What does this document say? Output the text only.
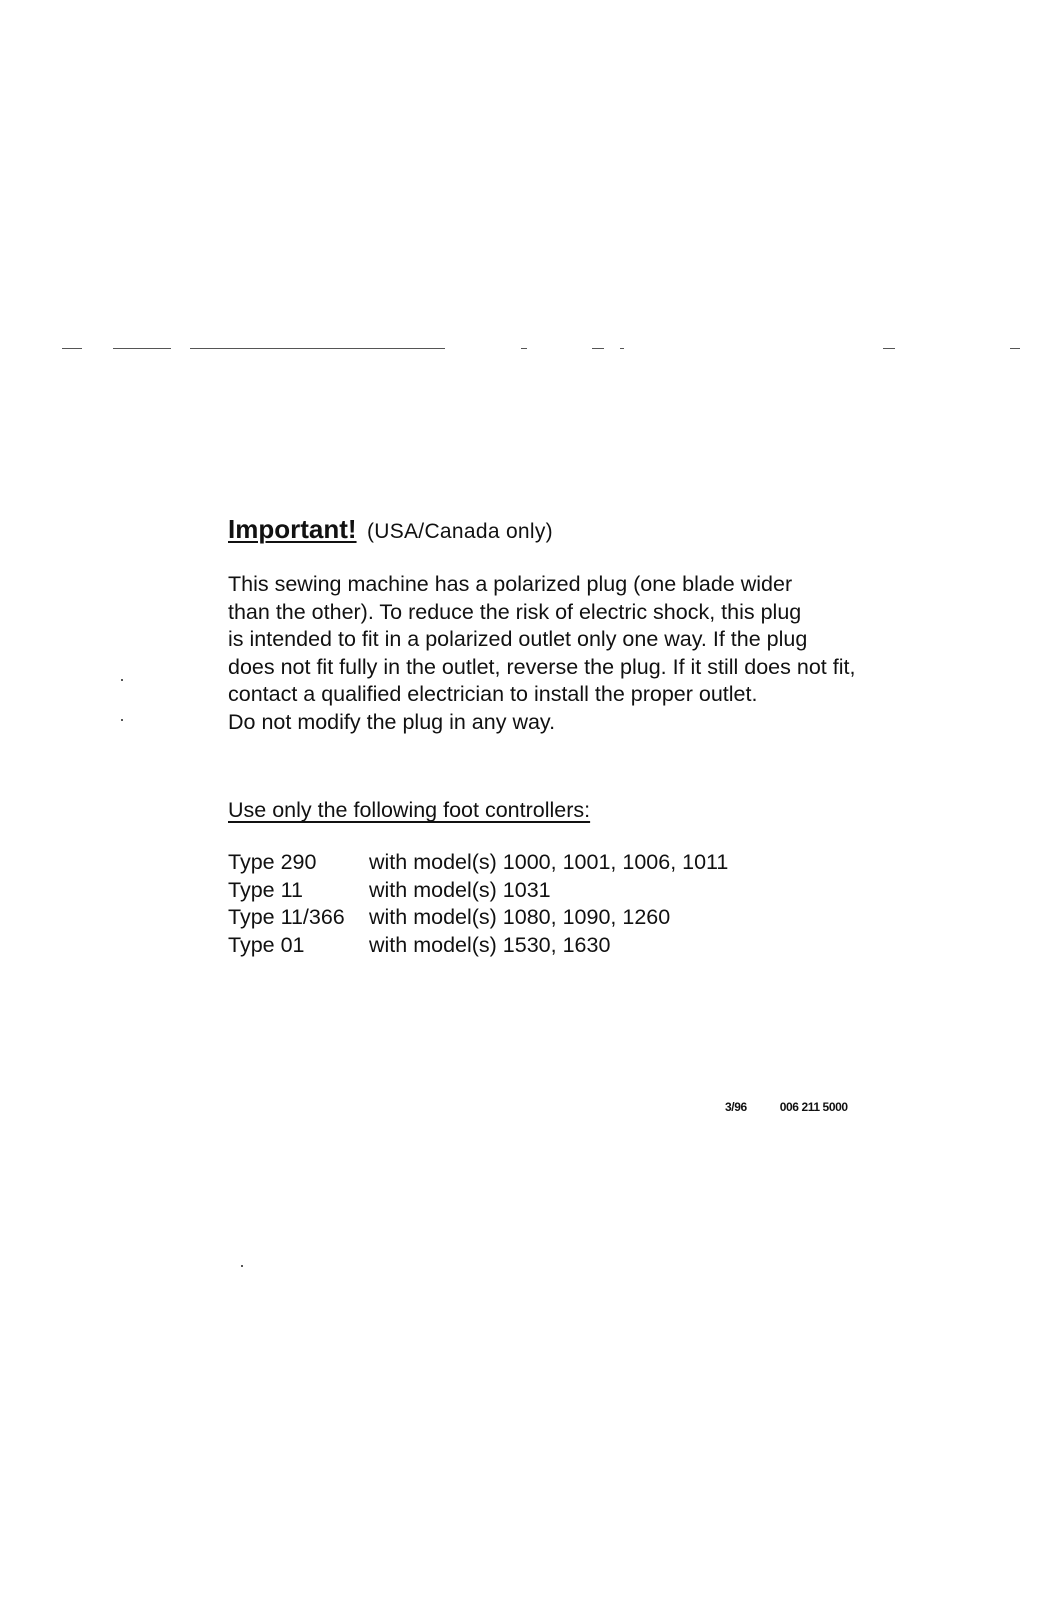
Important! (USA/Canada only)
This sewing machine has a polarized plug (one blade wider
than the other). To reduce the risk of electric shock, this plug
is intended to fit in a polarized outlet only one way. If the plug
does not fit fully in the outlet, reverse the plug. If it still does not fit,
contact a qualified electrician to install the proper outlet.
Do not modify the plug in any way.
Use only the following foot controllers:
Type 290	with model(s) 1000, 1001, 1006, 1011
Type 11	with model(s) 1031
Type 11/366	with model(s) 1080, 1090, 1260
Type 01	with model(s) 1530, 1630
3/96	006 211 5000
